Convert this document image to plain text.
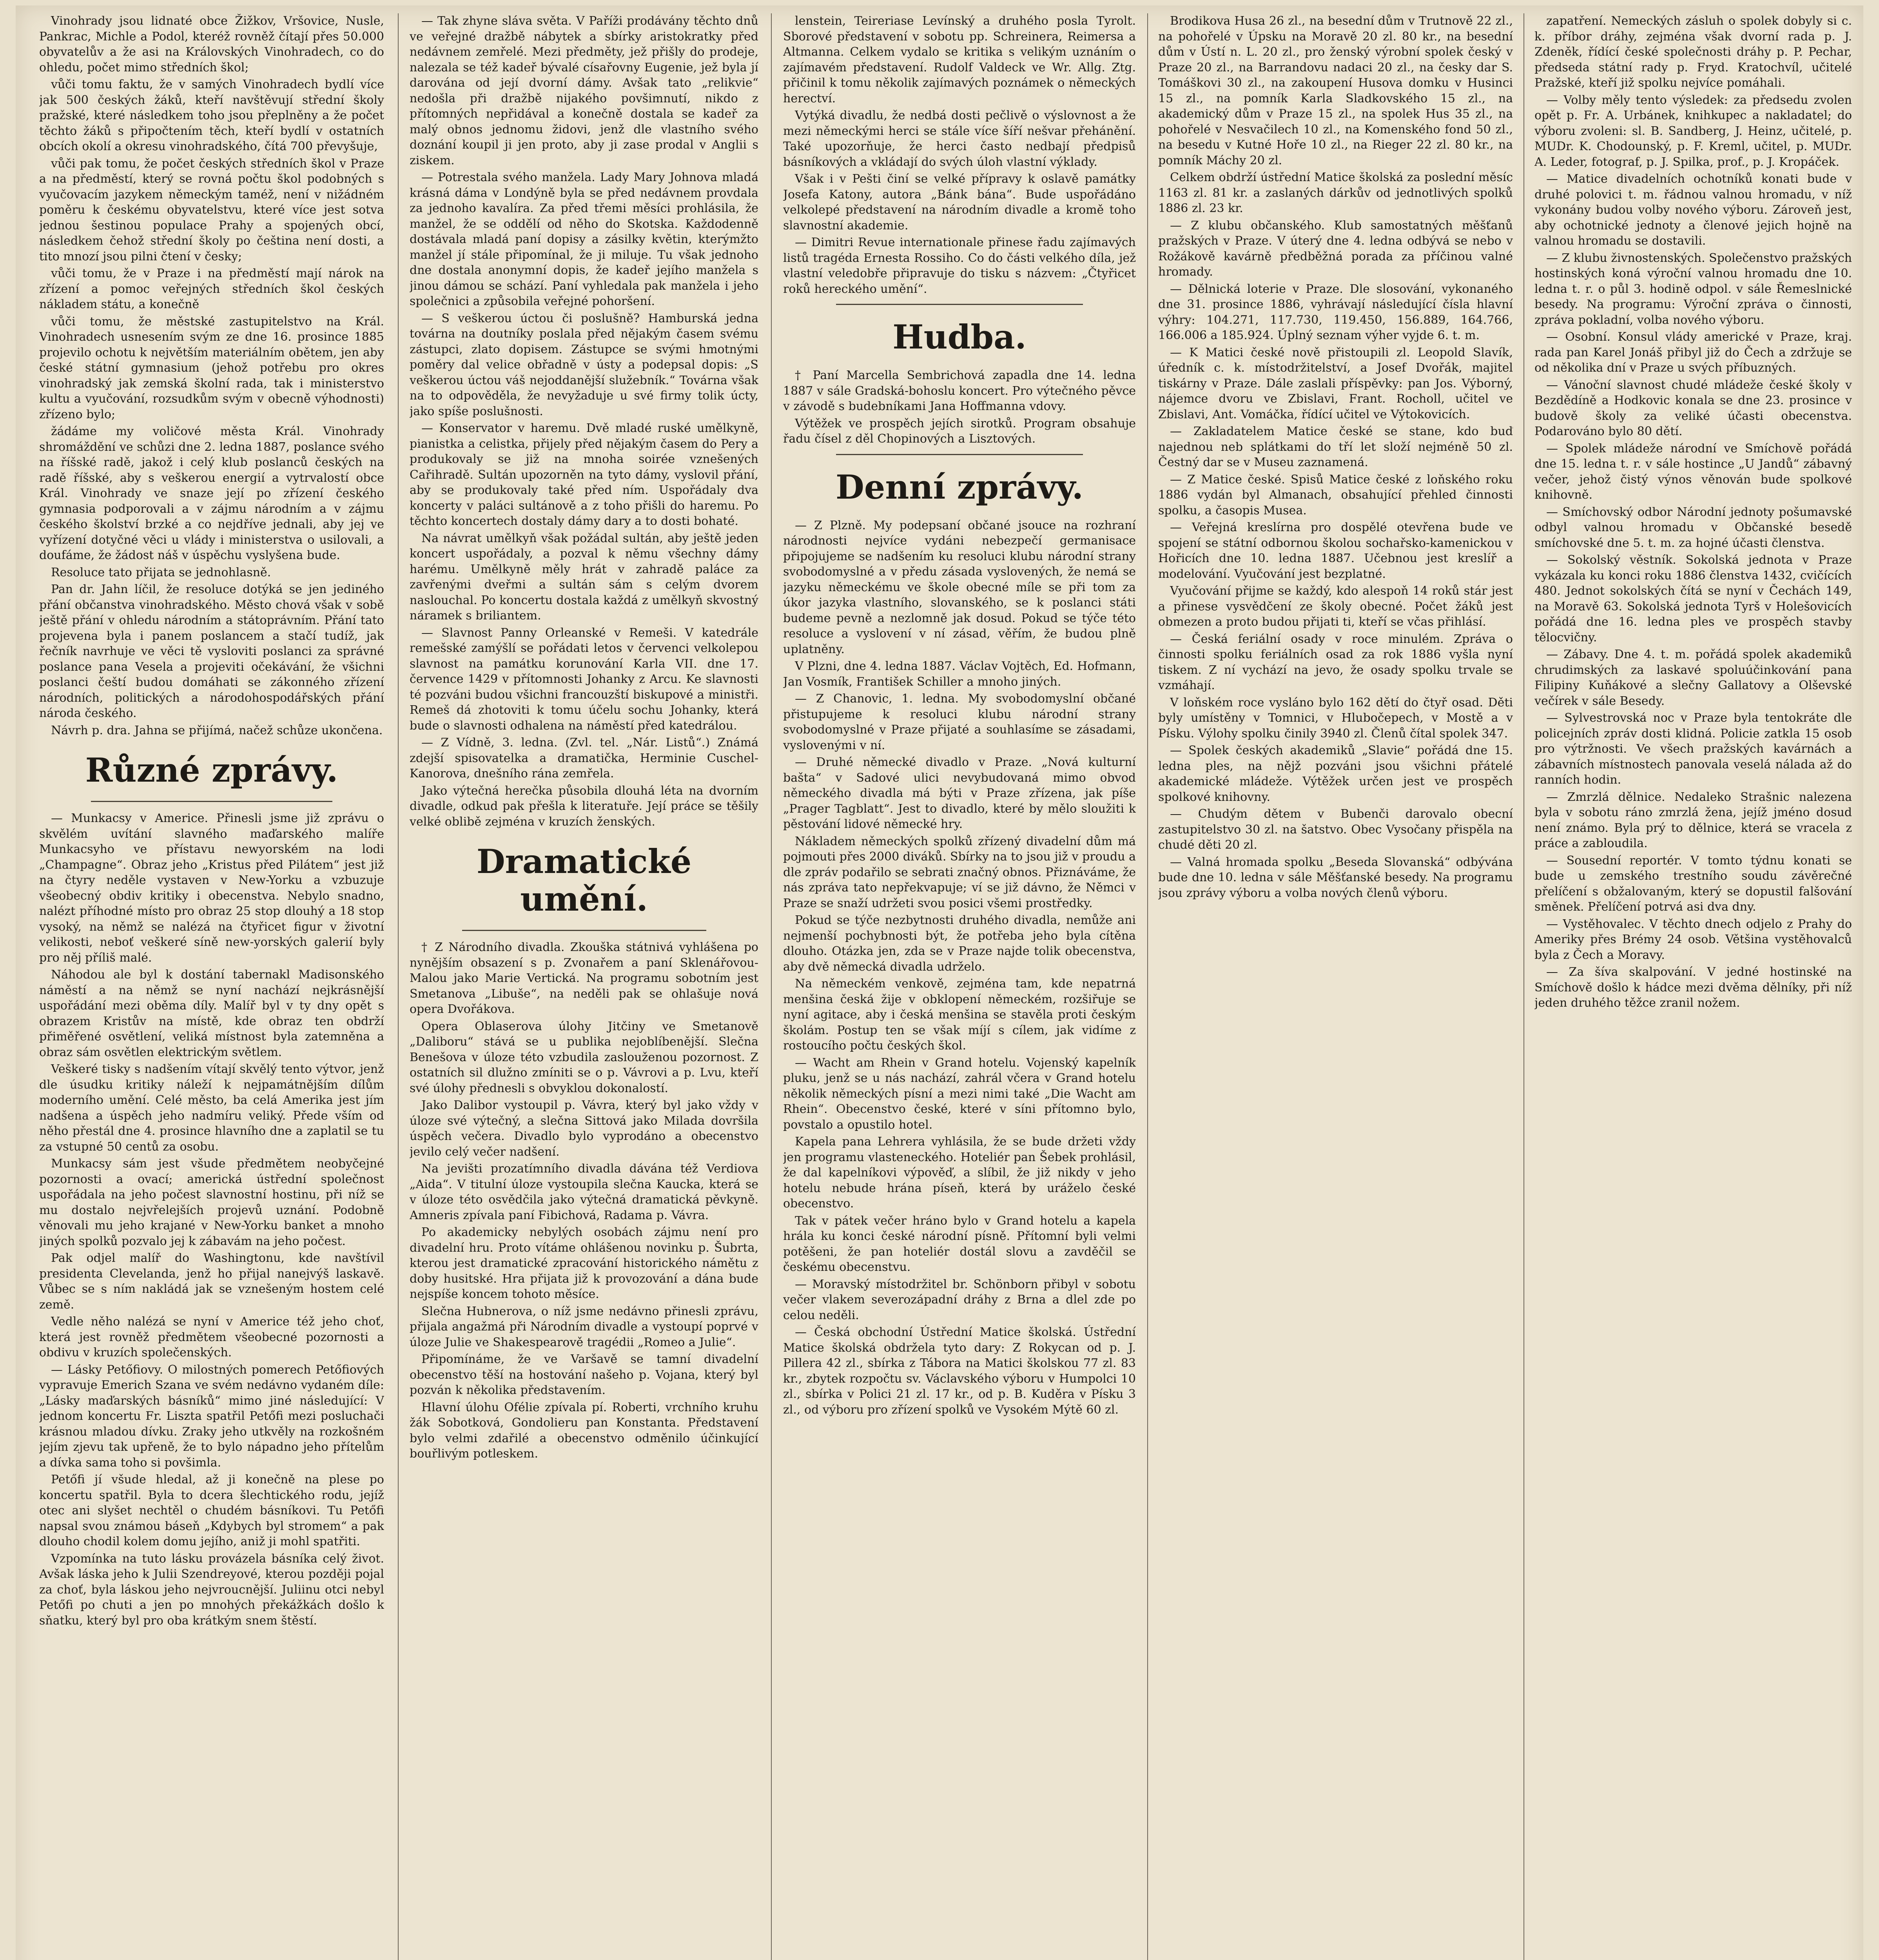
Vinohrady jsou lidnaté obce Žižkov, Vršovice, Nusle, Pankrac, Michle a Podol, kteréž rovněž čítají přes 50.000 obyvatelův a že asi na Královských Vinohradech, co do ohledu, počet mimo středních škol;

vůči tomu faktu, že v samých Vinohradech bydlí více jak 500 českých žáků, kteří navštěvují střední školy pražské, které následkem toho jsou přeplněny a že počet těchto žáků s připočtením těch, kteří bydlí v ostatních obcích okolí a okresu vinohradského, čítá 700 převyšuje,

vůči pak tomu, že počet českých středních škol v Praze a na předměstí, který se rovná počtu škol podobných s vyučovacím jazykem německým taméž, není v nižádném poměru k českému obyvatelstvu, které více jest sotva jednou šestinou populace Prahy a spojených obcí, následkem čehož střední školy po čeština není dosti, a tito mnozí jsou pilni čtení v česky;

vůči tomu, že v Praze i na předměstí mají nárok na zřízení a pomoc veřejných středních škol českých nákladem státu, a konečně

vůči tomu, že městské zastupitelstvo na Král. Vinohradech usnesením svým ze dne 16. prosince 1885 projevilo ochotu k největším materiálním obětem, jen aby české státní gymnasium (jehož potřebu pro okres vinohradský jak zemská školní rada, tak i ministerstvo kultu a vyučování, rozsudkům svým v obecně výhodnosti) zřízeno bylo;

žádáme my voličové města Král. Vinohrady shromáždění ve schůzi dne 2. ledna 1887, poslance svého na říšské radě, jakož i celý klub poslanců českých na radě říšské, aby s veškerou energií a vytrvalostí obce Král. Vinohrady ve snaze její po zřízení českého gymnasia podporovali a v zájmu národním a v zájmu českého školství brzké a co nejdříve jednali, aby jej ve vyřízení dotyčné věci u vlády i ministerstva o usilovali, a doufáme, že žádost náš v úspěchu vyslyšena bude.

Resoluce tato přijata se jednohlasně.

Pan dr. Jahn líčil, že resoluce dotýká se jen jediného přání občanstva vinohradského. Město chová však v sobě ještě přání v ohledu národním a státoprávním. Přání tato projevena byla i panem poslancem a stačí tudíž, jak řečník navrhuje ve věci tě vysloviti poslanci za správné poslance pana Vesela a projeviti očekávání, že všichni poslanci čeští budou domáhati se zákonného zřízení národních, politických a národohospodářských přání národa českého.

Návrh p. dra. Jahna se přijímá, načež schůze ukončena.

Různé zprávy.

— Munkacsy v Americe. Přinesli jsme již zprávu o skvělém uvítání slavného maďarského malíře Munkacsyho ve přístavu newyorském na lodi „Champagne“. Obraz jeho „Kristus před Pilátem“ jest již na čtyry neděle vystaven v New-Yorku a vzbuzuje všeobecný obdiv kritiky i obecenstva. Nebylo snadno, nalézt příhodné místo pro obraz 25 stop dlouhý a 18 stop vysoký, na němž se nalézá na čtyřicet figur v životní velikosti, neboť veškeré síně new-yorských galerií byly pro něj příliš malé.

Náhodou ale byl k dostání tabernakl Madisonského náměstí a na němž se nyní nachází nejkrásnější uspořádání mezi oběma díly. Malíř byl v ty dny opět s obrazem Kristův na místě, kde obraz ten obdrží přiměřené osvětlení, veliká místnost byla zatemněna a obraz sám osvětlen elektrickým světlem.

Veškeré tisky s nadšením vítají skvělý tento výtvor, jenž dle úsudku kritiky náleží k nejpamátnějším dílům moderního umění. Celé město, ba celá Amerika jest jím nadšena a úspěch jeho nadmíru veliký. Přede vším od něho přestál dne 4. prosince hlavního dne a zaplatil se tu za vstupné 50 centů za osobu.

Munkacsy sám jest všude předmětem neobyčejné pozornosti a ovací; americká ústřední společnost uspořádala na jeho počest slavnostní hostinu, při níž se mu dostalo nejvřelejších projevů uznání. Podobně věnovali mu jeho krajané v New-Yorku banket a mnoho jiných spolků pozvalo jej k zábavám na jeho počest.

Pak odjel malíř do Washingtonu, kde navštívil presidenta Clevelanda, jenž ho přijal nanejvýš laskavě. Vůbec se s ním nakládá jak se vznešeným hostem celé země.

Vedle něho nalézá se nyní v Americe též jeho choť, která jest rovněž předmětem všeobecné pozornosti a obdivu v kruzích společenských.

— Lásky Petőfiovy. O milostných pomerech Petőfiových vypravuje Emerich Szana ve svém nedávno vydaném díle: „Lásky maďarských básníků“ mimo jiné následující: V jednom koncertu Fr. Liszta spatřil Petőfi mezi posluchači krásnou mladou dívku. Zraky jeho utkvěly na rozkošném jejím zjevu tak upřeně, že to bylo nápadno jeho přítelům a dívka sama toho si povšimla.

Petőfi jí všude hledal, až ji konečně na plese po koncertu spatřil. Byla to dcera šlechtického rodu, jejíž otec ani slyšet nechtěl o chudém básníkovi. Tu Petőfi napsal svou známou báseň „Kdybych byl stromem“ a pak dlouho chodil kolem domu jejího, aniž ji mohl spatřiti.

Vzpomínka na tuto lásku provázela básníka celý život. Avšak láska jeho k Julii Szendreyové, kterou později pojal za choť, byla láskou jeho nejvroucnější. Juliinu otci nebyl Petőfi po chuti a jen po mnohých překážkách došlo k sňatku, který byl pro oba krátkým snem štěstí.

— Tak zhyne sláva světa. V Paříži prodávány těchto dnů ve veřejné dražbě nábytek a sbírky aristokratky před nedávnem zemřelé. Mezi předměty, jež přišly do prodeje, nalezala se též kadeř bývalé císařovny Eugenie, jež byla jí darována od její dvorní dámy. Avšak tato „relikvie“ nedošla při dražbě nijakého povšimnutí, nikdo z přítomných nepřidával a konečně dostala se kadeř za malý obnos jednomu židovi, jenž dle vlastního svého doznání koupil ji jen proto, aby ji zase prodal v Anglii s ziskem.

— Potrestala svého manžela. Lady Mary Johnova mladá krásná dáma v Londýně byla se před nedávnem provdala za jednoho kavalíra. Za před třemi měsíci prohlásila, že manžel, že se oddělí od něho do Skotska. Každodenně dostávala mladá paní dopisy a zásilky květin, kterýmžto manžel jí stále připomínal, že ji miluje. Tu však jednoho dne dostala anonymní dopis, že kadeř jejího manžela s jinou dámou se schází. Paní vyhledala pak manžela i jeho společnici a způsobila veřejné pohoršení.

— S veškerou úctou či poslušně? Hamburská jedna továrna na doutníky poslala před nějakým časem svému zástupci, zlato dopisem. Zástupce se svými hmotnými poměry dal velice obřadně v ústy a podepsal dopis: „S veškerou úctou váš nejoddanější služebník.“ Továrna však na to odpověděla, že nevyžaduje u své firmy tolik úcty, jako spíše poslušnosti.

— Konservator v haremu. Dvě mladé ruské umělkyně, pianistka a celistka, přijely před nějakým časem do Pery a produkovaly se již na mnoha soirée vznešených Cařihradě. Sultán upozorněn na tyto dámy, vyslovil přání, aby se produkovaly také před ním. Uspořádaly dva koncerty v paláci sultánově a z toho přišli do haremu. Po těchto koncertech dostaly dámy dary a to dosti bohaté.

Na návrat umělkyň však požádal sultán, aby ještě jeden koncert uspořádaly, a pozval k němu všechny dámy harému. Umělkyně měly hrát v zahradě paláce za zavřenými dveřmi a sultán sám s celým dvorem naslouchal. Po koncertu dostala každá z umělkyň skvostný náramek s briliantem.

— Slavnost Panny Orleanské v Remeši. V katedrále remešské zamýšlí se pořádati letos v červenci velkolepou slavnost na památku korunování Karla VII. dne 17. července 1429 v přítomnosti Johanky z Arcu. Ke slavnosti té pozváni budou všichni francouzští biskupové a ministři. Remeš dá zhotoviti k tomu účelu sochu Johanky, která bude o slavnosti odhalena na náměstí před katedrálou.

— Z Vídně, 3. ledna. (Zvl. tel. „Nár. Listů“.) Známá zdejší spisovatelka a dramatička, Herminie Cuschel-Kanorova, dnešního rána zemřela.

Jako výtečná herečka působila dlouhá léta na dvorním divadle, odkud pak přešla k literatuře. Její práce se těšily velké oblibě zejména v kruzích ženských.

Dramatické umění.

† Z Národního divadla. Zkouška státnivá vyhlášena po nynějším obsazení s p. Zvonařem a paní Sklenářovou-Malou jako Marie Vertická. Na programu sobotním jest Smetanova „Libuše“, na neděli pak se ohlašuje nová opera Dvořákova.

Opera Oblaserova úlohy Jitčiny ve Smetanově „Daliboru“ stává se u publika nejoblíbenější. Slečna Benešova v úloze této vzbudila zaslouženou pozornost. Z ostatních sil dlužno zmíniti se o p. Vávrovi a p. Lvu, kteří své úlohy přednesli s obvyklou dokonalostí.

Jako Dalibor vystoupil p. Vávra, který byl jako vždy v úloze své výtečný, a slečna Sittová jako Milada dovršila úspěch večera. Divadlo bylo vyprodáno a obecenstvo jevilo celý večer nadšení.

Na jevišti prozatímního divadla dávána též Verdiova „Aida“. V titulní úloze vystoupila slečna Kaucka, která se v úloze této osvědčila jako výtečná dramatická pěvkyně. Amneris zpívala paní Fibichová, Radama p. Vávra.

Po akademicky nebylých osobách zájmu není pro divadelní hru. Proto vítáme ohlášenou novinku p. Šubrta, kterou jest dramatické zpracování historického námětu z doby husitské. Hra přijata již k provozování a dána bude nejspíše koncem tohoto měsíce.

Slečna Hubnerova, o níž jsme nedávno přinesli zprávu, přijala angažmá při Národním divadle a vystoupí poprvé v úloze Julie ve Shakespearově tragédii „Romeo a Julie“.

Připomínáme, že ve Varšavě se tamní divadelní obecenstvo těší na hostování našeho p. Vojana, který byl pozván k několika představením.

Hlavní úlohu Ofélie zpívala pí. Roberti, vrchního kruhu žák Sobotková, Gondolieru pan Konstanta. Představení bylo velmi zdařilé a obecenstvo odměnilo účinkující bouřlivým potleskem.

lenstein, Teireriase Levínský a druhého posla Tyrolt. Sborové představení v sobotu pp. Schreinera, Reimersa a Altmanna. Celkem vydalo se kritika s velikým uznáním o zajímavém představení. Rudolf Valdeck ve Wr. Allg. Ztg. přičinil k tomu několik zajímavých poznámek o německých herectví.

Vytýká divadlu, že nedbá dosti pečlivě o výslovnost a že mezi německými herci se stále více šíří nešvar přehánění. Také upozorňuje, že herci často nedbají předpisů básníkových a vkládají do svých úloh vlastní výklady.

Však i v Pešti činí se velké přípravy k oslavě památky Josefa Katony, autora „Bánk bána“. Bude uspořádáno velkolepé představení na národním divadle a kromě toho slavnostní akademie.

— Dimitri Revue internationale přinese řadu zajímavých listů tragéda Ernesta Rossiho. Co do části velkého díla, jež vlastní veledobře připravuje do tisku s názvem: „Čtyřicet roků hereckého umění“.

Hudba.

† Paní Marcella Sembrichová zapadla dne 14. ledna 1887 v sále Gradská-bohoslu koncert. Pro výtečného pěvce v závodě s budebníkami Jana Hoffmanna vdovy.

Výtěžek ve prospěch jejích sirotků. Program obsahuje řadu čísel z děl Chopinových a Lisztových.

Denní zprávy.

— Z Plzně. My podepsaní občané jsouce na rozhraní národnosti nejvíce vydáni nebezpečí germanisace připojujeme se nadšením ku resoluci klubu národní strany svobodomyslné a v předu zásada vyslovených, že nemá se jazyku německému ve škole obecné míle se při tom za úkor jazyka vlastního, slovanského, se k poslanci státi budeme pevně a nezlomně jak dosud. Pokud se týče této resoluce a vyslovení v ní zásad, věřím, že budou plně uplatněny.

V Plzni, dne 4. ledna 1887. Václav Vojtěch, Ed. Hofmann, Jan Vosmík, František Schiller a mnoho jiných.

— Z Chanovic, 1. ledna. My svobodomyslní občané přistupujeme k resoluci klubu národní strany svobodomyslné v Praze přijaté a souhlasíme se zásadami, vyslovenými v ní.

— Druhé německé divadlo v Praze. „Nová kulturní bašta“ v Sadové ulici nevybudovaná mimo obvod německého divadla má býti v Praze zřízena, jak píše „Prager Tagblatt“. Jest to divadlo, které by mělo sloužiti k pěstování lidové německé hry.

Nákladem německých spolků zřízený divadelní dům má pojmouti přes 2000 diváků. Sbírky na to jsou již v proudu a dle zpráv podařilo se sebrati značný obnos. Přiznáváme, že nás zpráva tato nepřekvapuje; ví se již dávno, že Němci v Praze se snaží udržeti svou posici všemi prostředky.

Pokud se týče nezbytnosti druhého divadla, nemůže ani nejmenší pochybnosti být, že potřeba jeho byla cítěna dlouho. Otázka jen, zda se v Praze najde tolik obecenstva, aby dvě německá divadla udrželo.

Na německém venkově, zejména tam, kde nepatrná menšina česká žije v obklopení německém, rozšiřuje se nyní agitace, aby i česká menšina se stavěla proti českým školám. Postup ten se však míjí s cílem, jak vidíme z rostoucího počtu českých škol.

— Wacht am Rhein v Grand hotelu. Vojenský kapelník pluku, jenž se u nás nachází, zahrál včera v Grand hotelu několik německých písní a mezi nimi také „Die Wacht am Rhein“. Obecenstvo české, které v síni přítomno bylo, povstalo a opustilo hotel.

Kapela pana Lehrera vyhlásila, že se bude držeti vždy jen programu vlasteneckého. Hoteliér pan Šebek prohlásil, že dal kapelníkovi výpověď, a slíbil, že již nikdy v jeho hotelu nebude hrána píseň, která by uráželo české obecenstvo.

Tak v pátek večer hráno bylo v Grand hotelu a kapela hrála ku konci české národní písně. Přítomní byli velmi potěšeni, že pan hoteliér dostál slovu a zavděčil se českému obecenstvu.

— Moravský místodržitel br. Schönborn přibyl v sobotu večer vlakem severozápadní dráhy z Brna a dlel zde po celou neděli.

— Česká obchodní Ústřední Matice školská. Ústřední Matice školská obdržela tyto dary: Z Rokycan od p. J. Pillera 42 zl., sbírka z Tábora na Matici školskou 77 zl. 83 kr., zbytek rozpočtu sv. Václavského výboru v Humpolci 10 zl., sbírka v Polici 21 zl. 17 kr., od p. B. Kuděra v Písku 3 zl., od výboru pro zřízení spolků ve Vysokém Mýtě 60 zl.

Brodikova Husa 26 zl., na besední dům v Trutnově 22 zl., na pohořelé v Úpsku na Moravě 20 zl. 80 kr., na besední dům v Ústí n. L. 20 zl., pro ženský výrobní spolek český v Praze 20 zl., na Barrandovu nadaci 20 zl., na česky dar S. Tomáškovi 30 zl., na zakoupení Husova domku v Husinci 15 zl., na pomník Karla Sladkovského 15 zl., na akademický dům v Praze 15 zl., na spolek Hus 35 zl., na pohořelé v Nesvačilech 10 zl., na Komenského fond 50 zl., na besedu v Kutné Hoře 10 zl., na Rieger 22 zl. 80 kr., na pomník Máchy 20 zl.

Celkem obdrží ústřední Matice školská za poslední měsíc 1163 zl. 81 kr. a zaslaných dárkův od jednotlivých spolků 1886 zl. 23 kr.

— Z klubu občanského. Klub samostatných měšťanů pražských v Praze. V úterý dne 4. ledna odbývá se nebo v Rožákově kavárně předběžná porada za příčinou valné hromady.

— Dělnická loterie v Praze. Dle slosování, vykonaného dne 31. prosince 1886, vyhrávají následující čísla hlavní výhry: 104.271, 117.730, 119.450, 156.889, 164.766, 166.006 a 185.924. Úplný seznam výher vyjde 6. t. m.

— K Matici české nově přistoupili zl. Leopold Slavík, úředník c. k. místodržitelství, a Josef Dvořák, majitel tiskárny v Praze. Dále zaslali příspěvky: pan Jos. Výborný, nájemce dvoru ve Zbislavi, Frant. Rocholl, učitel ve Zbislavi, Ant. Vomáčka, řídící učitel ve Výtokovicích.

— Zakladatelem Matice české se stane, kdo buď najednou neb splátkami do tří let složí nejméně 50 zl. Čestný dar se v Museu zaznamená.

— Z Matice české. Spisů Matice české z loňského roku 1886 vydán byl Almanach, obsahující přehled činnosti spolku, a časopis Musea.

— Veřejná kreslírna pro dospělé otevřena bude ve spojení se státní odbornou školou sochařsko-kamenickou v Hořicích dne 10. ledna 1887. Učebnou jest kreslíř a modelování. Vyučování jest bezplatné.

Vyučování přijme se každý, kdo alespoň 14 roků stár jest a přinese vysvědčení ze školy obecné. Počet žáků jest obmezen a proto budou přijati ti, kteří se včas přihlásí.

— Česká feriální osady v roce minulém. Zpráva o činnosti spolku feriálních osad za rok 1886 vyšla nyní tiskem. Z ní vychází na jevo, že osady spolku trvale se vzmáhají.

V loňském roce vysláno bylo 162 dětí do čtyř osad. Děti byly umístěny v Tomnici, v Hlubočepech, v Mostě a v Písku. Výlohy spolku činily 3940 zl. Členů čítal spolek 347.

— Spolek českých akademiků „Slavie“ pořádá dne 15. ledna ples, na nějž pozváni jsou všichni přátelé akademické mládeže. Výtěžek určen jest ve prospěch spolkové knihovny.

— Chudým dětem v Bubenči darovalo obecní zastupitelstvo 30 zl. na šatstvo. Obec Vysočany přispěla na chudé děti 20 zl.

— Valná hromada spolku „Beseda Slovanská“ odbývána bude dne 10. ledna v sále Měšťanské besedy. Na programu jsou zprávy výboru a volba nových členů výboru.

zapatření. Nemeckých zásluh o spolek dobyly si c. k. příbor dráhy, zejména však dvorní rada p. J. Zdeněk, řídící české společnosti dráhy p. P. Pechar, předseda státní rady p. Fryd. Kratochvíl, učitelé Pražské, kteří již spolku nejvíce pomáhali.

— Volby měly tento výsledek: za předsedu zvolen opět p. Fr. A. Urbánek, knihkupec a nakladatel; do výboru zvoleni: sl. B. Sandberg, J. Heinz, učitelé, p. MUDr. K. Chodounský, p. F. Kreml, učitel, p. MUDr. A. Leder, fotograf, p. J. Spilka, prof., p. J. Kropáček.

— Matice divadelních ochotníků konati bude v druhé polovici t. m. řádnou valnou hromadu, v níž vykonány budou volby nového výboru. Zároveň jest, aby ochotnické jednoty a členové jejich hojně na valnou hromadu se dostavili.

— Z klubu živnostenských. Společenstvo pražských hostinských koná výroční valnou hromadu dne 10. ledna t. r. o půl 3. hodině odpol. v sále Řemeslnické besedy. Na programu: Výroční zpráva o činnosti, zpráva pokladní, volba nového výboru.

— Osobní. Konsul vlády americké v Praze, kraj. rada pan Karel Jonáš přibyl již do Čech a zdržuje se od několika dní v Praze u svých příbuzných.

— Vánoční slavnost chudé mládeže české školy v Bezdědíně a Hodkovic konala se dne 23. prosince v budově školy za veliké účasti obecenstva. Podarováno bylo 80 dětí.

— Spolek mládeže národní ve Smíchově pořádá dne 15. ledna t. r. v sále hostince „U Jandů“ zábavný večer, jehož čistý výnos věnován bude spolkové knihovně.

— Smíchovský odbor Národní jednoty pošumavské odbyl valnou hromadu v Občanské besedě smíchovské dne 5. t. m. za hojné účasti členstva.

— Sokolský věstník. Sokolská jednota v Praze vykázala ku konci roku 1886 členstva 1432, cvičících 480. Jednot sokolských čítá se nyní v Čechách 149, na Moravě 63. Sokolská jednota Tyrš v Holešovicích pořádá dne 16. ledna ples ve prospěch stavby tělocvičny.

— Zábavy. Dne 4. t. m. pořádá spolek akademiků chrudimských za laskavé spoluúčinkování pana Filipiny Kuňákové a slečny Gallatovy a Olševské večírek v sále Besedy.

— Sylvestrovská noc v Praze byla tentokráte dle policejních zpráv dosti klidná. Policie zatkla 15 osob pro výtržnosti. Ve všech pražských kavárnách a zábavních místnostech panovala veselá nálada až do ranních hodin.

— Zmrzlá dělnice. Nedaleko Strašnic nalezena byla v sobotu ráno zmrzlá žena, jejíž jméno dosud není známo. Byla prý to dělnice, která se vracela z práce a zabloudila.

— Sousední reportér. V tomto týdnu konati se bude u zemského trestního soudu závěrečné přelíčení s obžalovaným, který se dopustil falšování směnek. Přelíčení potrvá asi dva dny.

— Vystěhovalec. V těchto dnech odjelo z Prahy do Ameriky přes Brémy 24 osob. Většina vystěhovalců byla z Čech a Moravy.

— Za šíva skalpování. V jedné hostinské na Smíchově došlo k hádce mezi dvěma dělníky, při níž jeden druhého těžce zranil nožem.
